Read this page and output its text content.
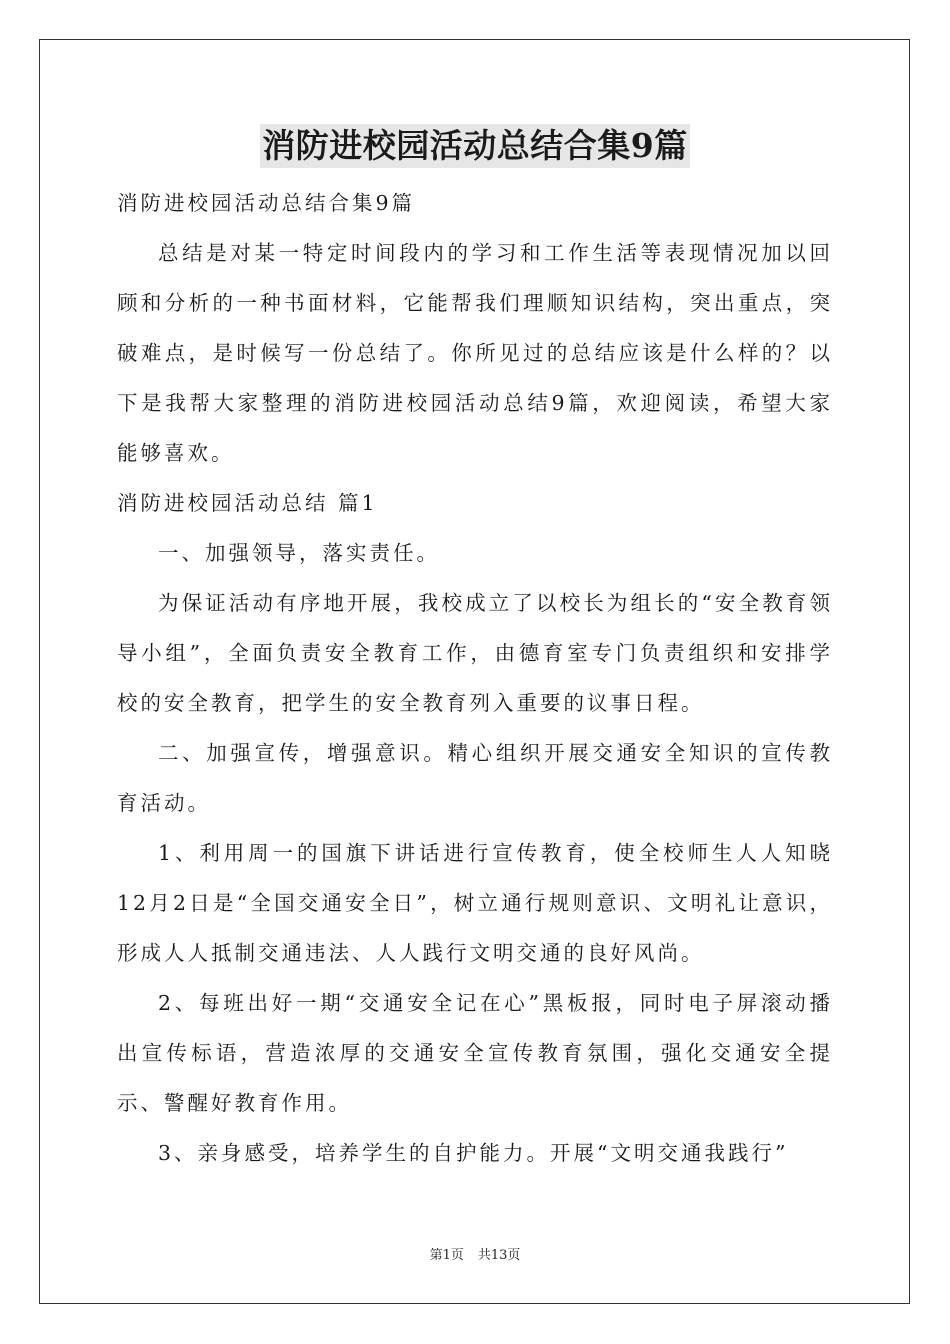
消防进校园活动总结合集9篇

消防进校园活动总结合集9篇

总结是对某一特定时间段内的学习和工作生活等表现情况加以回顾和分析的一种书面材料，它能帮我们理顺知识结构，突出重点，突破难点，是时候写一份总结了。你所见过的总结应该是什么样的？以下是我帮大家整理的消防进校园活动总结9篇，欢迎阅读，希望大家能够喜欢。

消防进校园活动总结 篇1

一、加强领导，落实责任。

为保证活动有序地开展，我校成立了以校长为组长的“安全教育领导小组”，全面负责安全教育工作，由德育室专门负责组织和安排学校的安全教育，把学生的安全教育列入重要的议事日程。

二、加强宣传，增强意识。精心组织开展交通安全知识的宣传教育活动。

1、利用周一的国旗下讲话进行宣传教育，使全校师生人人知晓12月2日是“全国交通安全日”，树立通行规则意识、文明礼让意识，形成人人抵制交通违法、人人践行文明交通的良好风尚。

2、每班出好一期“交通安全记在心”黑板报，同时电子屏滚动播出宣传标语，营造浓厚的交通安全宣传教育氛围，强化交通安全提示、警醒好教育作用。

3、亲身感受，培养学生的自护能力。开展“文明交通我践行”

第1页 共13页
